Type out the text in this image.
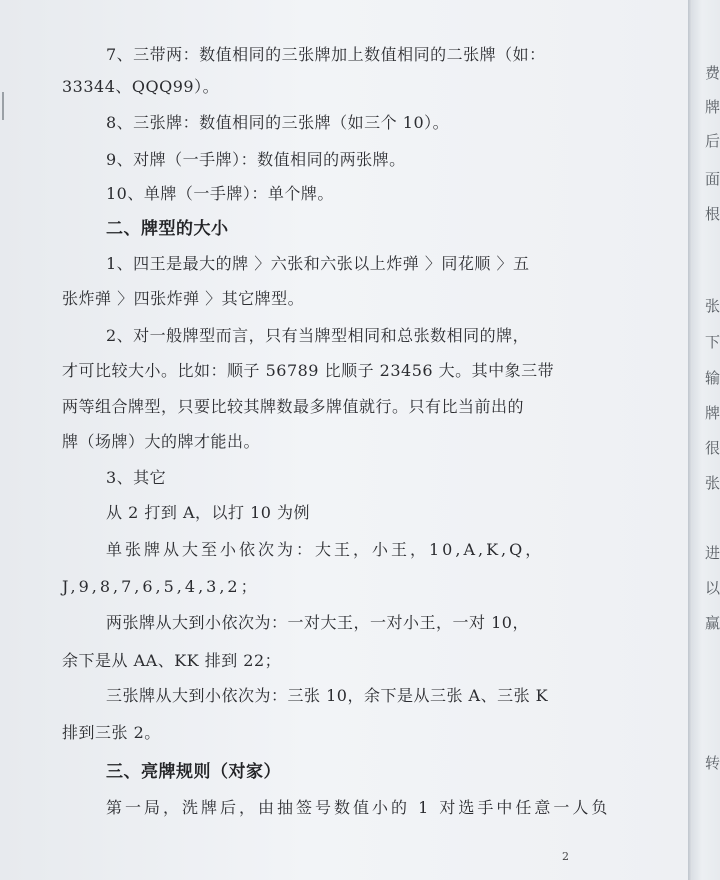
7、三带两：数值相同的三张牌加上数值相同的二张牌（如：
33344、QQQ99）。
8、三张牌：数值相同的三张牌（如三个 10）。
9、对牌（一手牌）：数值相同的两张牌。
10、单牌（一手牌）：单个牌。
二、牌型的大小
1、四王是最大的牌 〉六张和六张以上炸弹 〉同花顺 〉五
张炸弹 〉四张炸弹 〉其它牌型。
2、对一般牌型而言，只有当牌型相同和总张数相同的牌，
才可比较大小。比如：顺子 56789 比顺子 23456 大。其中象三带
两等组合牌型，只要比较其牌数最多牌值就行。只有比当前出的
牌（场牌）大的牌才能出。
3、其它
从 2 打到 A，以打 10 为例
单张牌从大至小依次为：大王，小王，10,A,K,Q，
J,9,8,7,6,5,4,3,2；
两张牌从大到小依次为：一对大王，一对小王，一对 10，
余下是从 AA、KK 排到 22；
三张牌从大到小依次为：三张 10，余下是从三张 A、三张 K
排到三张 2。
三、亮牌规则（对家）
第一局，洗牌后，由抽签号数值小的 1 对选手中任意一人负
2
费
牌
后
面
根
张
下
输
牌
很
张
进
以
赢
转
